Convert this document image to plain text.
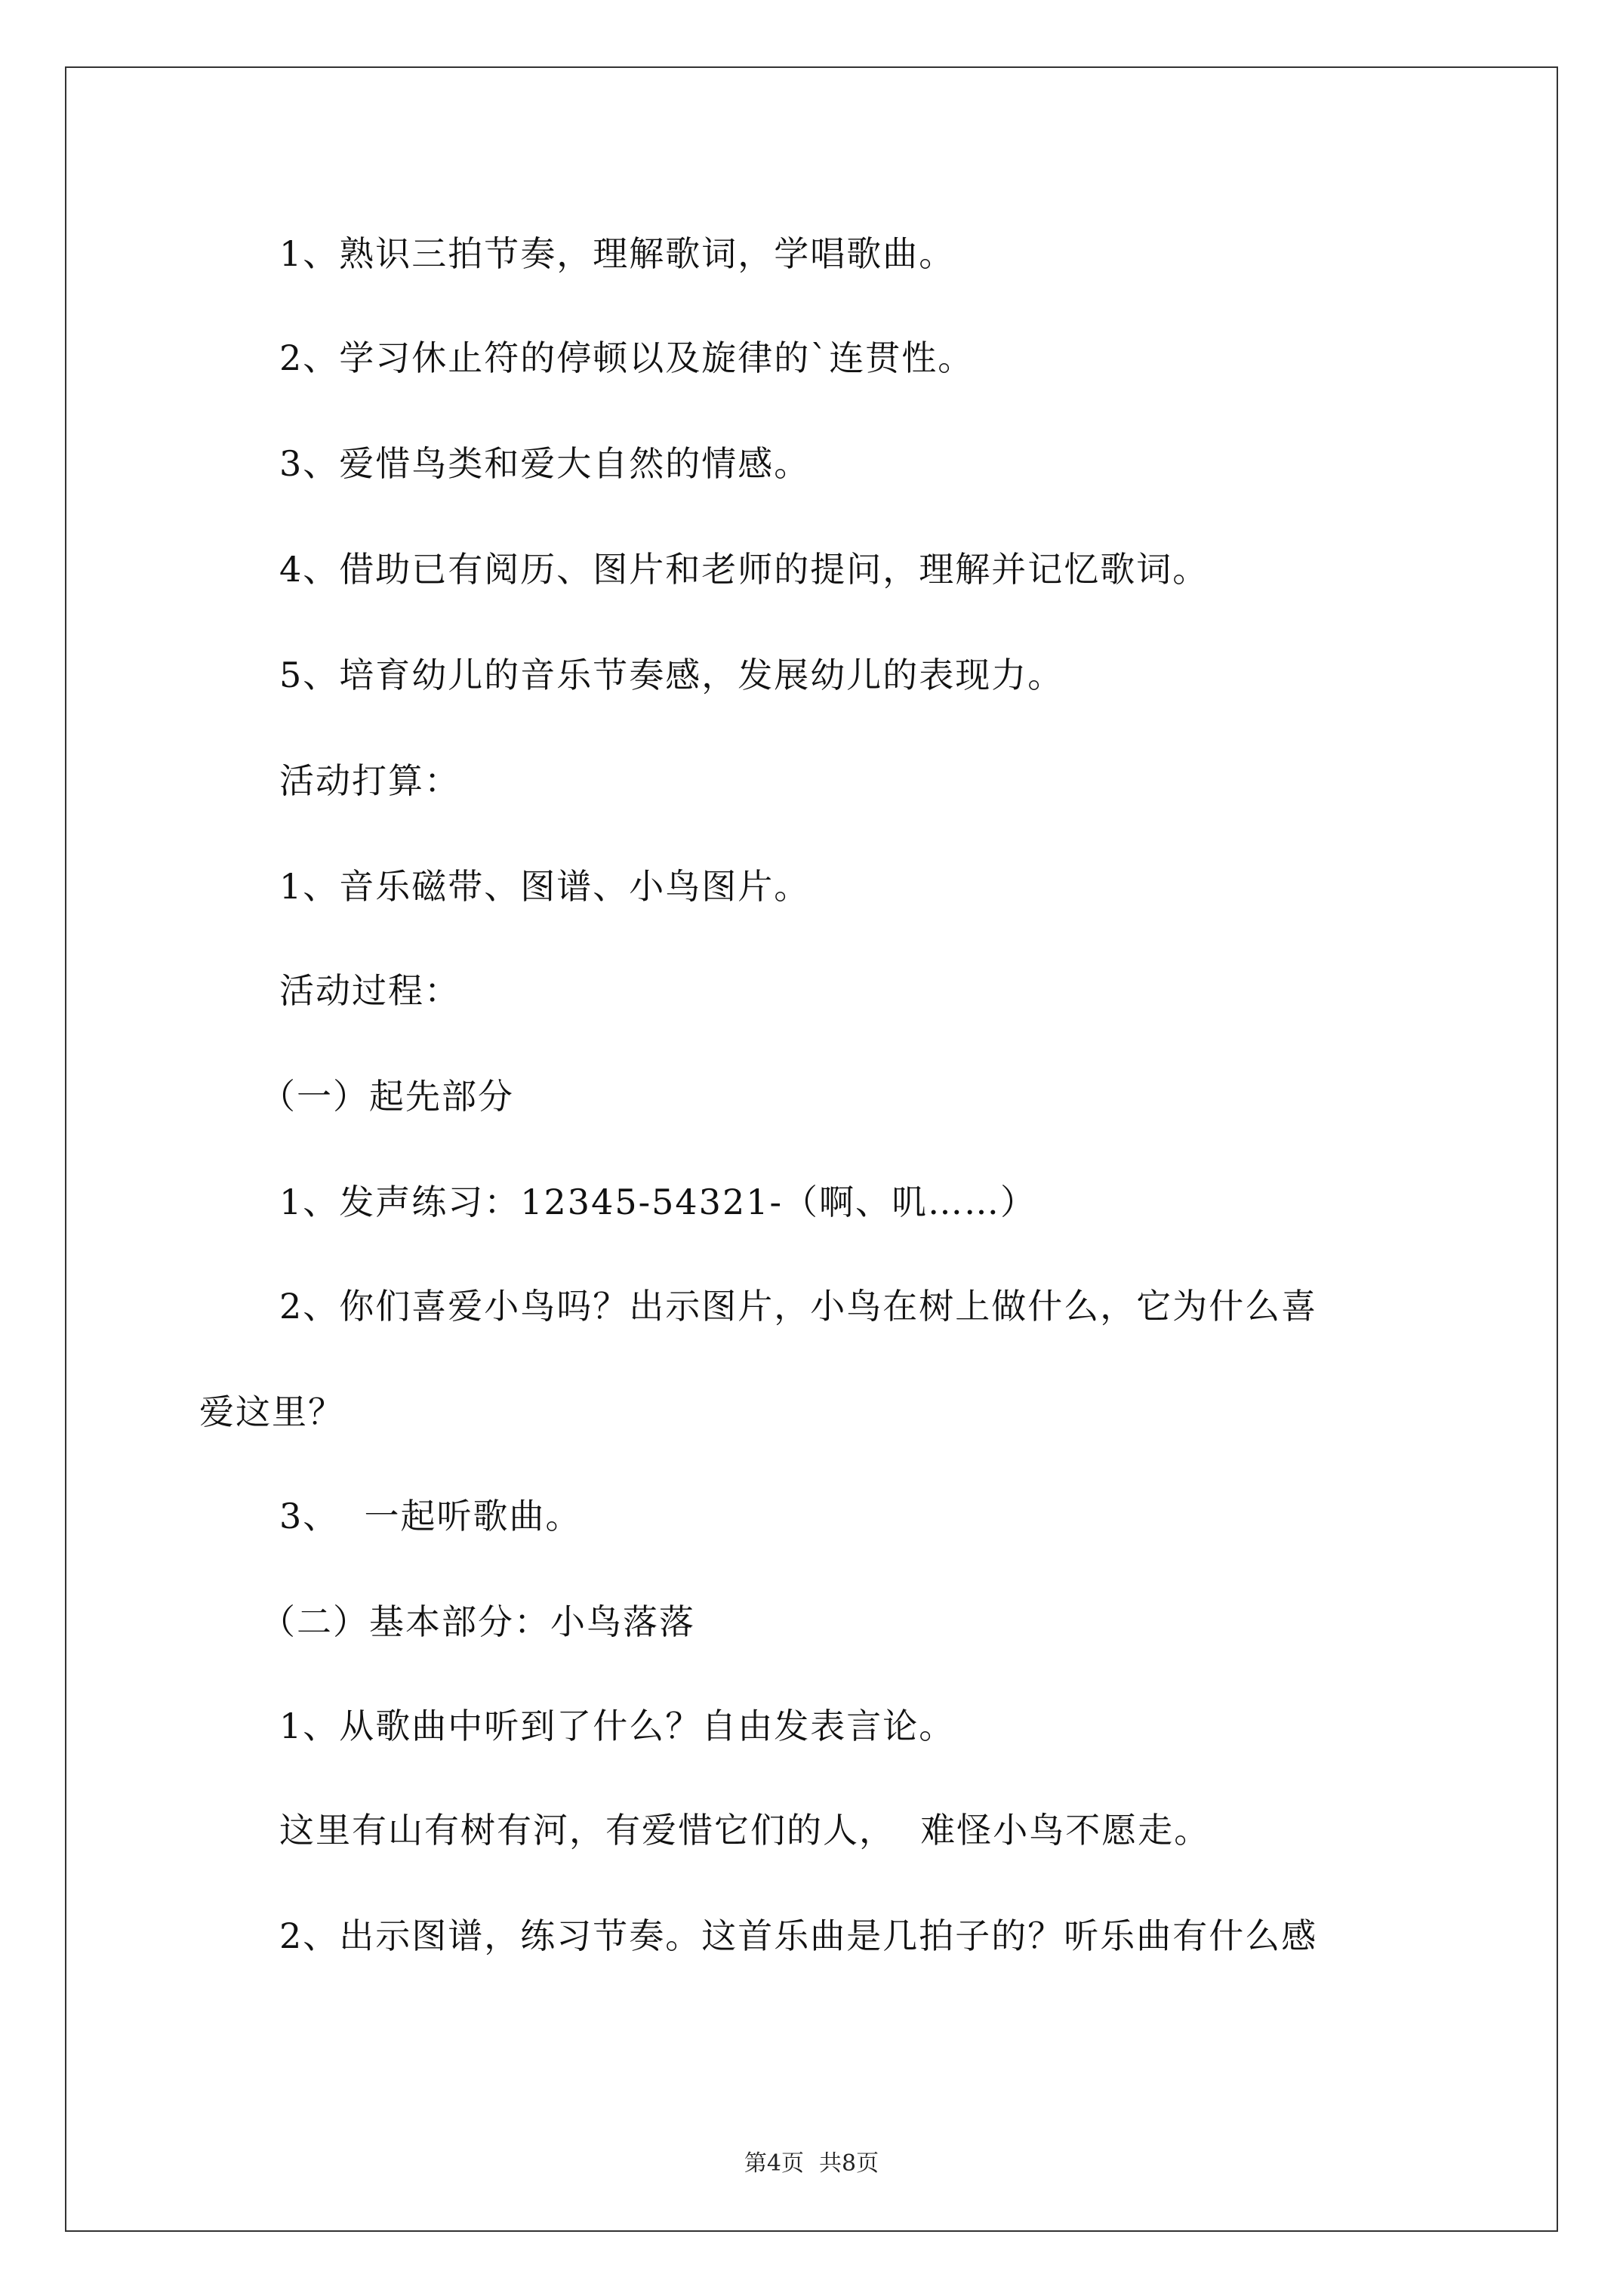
1、熟识三拍节奏，理解歌词，学唱歌曲。
2、学习休止符的停顿以及旋律的`连贯性。
3、爱惜鸟类和爱大自然的情感。
4、借助已有阅历、图片和老师的提问，理解并记忆歌词。
5、培育幼儿的音乐节奏感，发展幼儿的表现力。
活动打算：
1、音乐磁带、图谱、小鸟图片。
活动过程：
（一）起先部分
1、发声练习：12345-54321-（啊、叽……）
2、你们喜爱小鸟吗？出示图片，小鸟在树上做什么，它为什么喜
爱这里？
3、  一起听歌曲。
（二）基本部分：小鸟落落
1、从歌曲中听到了什么？自由发表言论。
这里有山有树有河，有爱惜它们的人，  难怪小鸟不愿走。
2、出示图谱，练习节奏。这首乐曲是几拍子的？听乐曲有什么感
第4页 共8页
